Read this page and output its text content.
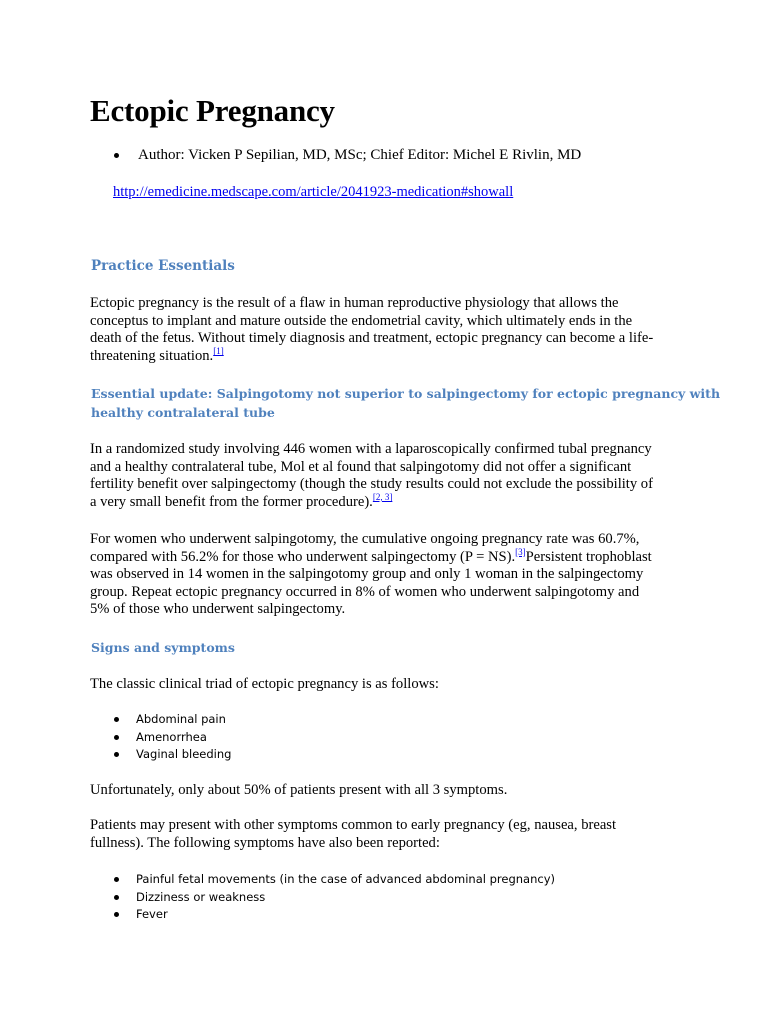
Ectopic Pregnancy
Author: Vicken P Sepilian, MD, MSc; Chief Editor: Michel E Rivlin, MD
http://emedicine.medscape.com/article/2041923-medication#showall
Practice Essentials

Ectopic pregnancy is the result of a flaw in human reproductive physiology that allows the
conceptus to implant and mature outside the endometrial cavity, which ultimately ends in the
death of the fetus. Without timely diagnosis and treatment, ectopic pregnancy can become a life-
threatening situation.[1]

Essential update: Salpingotomy not superior to salpingectomy for ectopic pregnancy with
healthy contralateral tube

In a randomized study involving 446 women with a laparoscopically confirmed tubal pregnancy
and a healthy contralateral tube, Mol et al found that salpingotomy did not offer a significant
fertility benefit over salpingectomy (though the study results could not exclude the possibility of
a very small benefit from the former procedure).[2, 3]

For women who underwent salpingotomy, the cumulative ongoing pregnancy rate was 60.7%,
compared with 56.2% for those who underwent salpingectomy (P = NS).[3]Persistent trophoblast
was observed in 14 women in the salpingotomy group and only 1 woman in the salpingectomy
group. Repeat ectopic pregnancy occurred in 8% of women who underwent salpingotomy and
5% of those who underwent salpingectomy.

Signs and symptoms

The classic clinical triad of ectopic pregnancy is as follows:

Abdominal pain
Amenorrhea
Vaginal bleeding

Unfortunately, only about 50% of patients present with all 3 symptoms.

Patients may present with other symptoms common to early pregnancy (eg, nausea, breast
fullness). The following symptoms have also been reported:

Painful fetal movements (in the case of advanced abdominal pregnancy)
Dizziness or weakness
Fever
